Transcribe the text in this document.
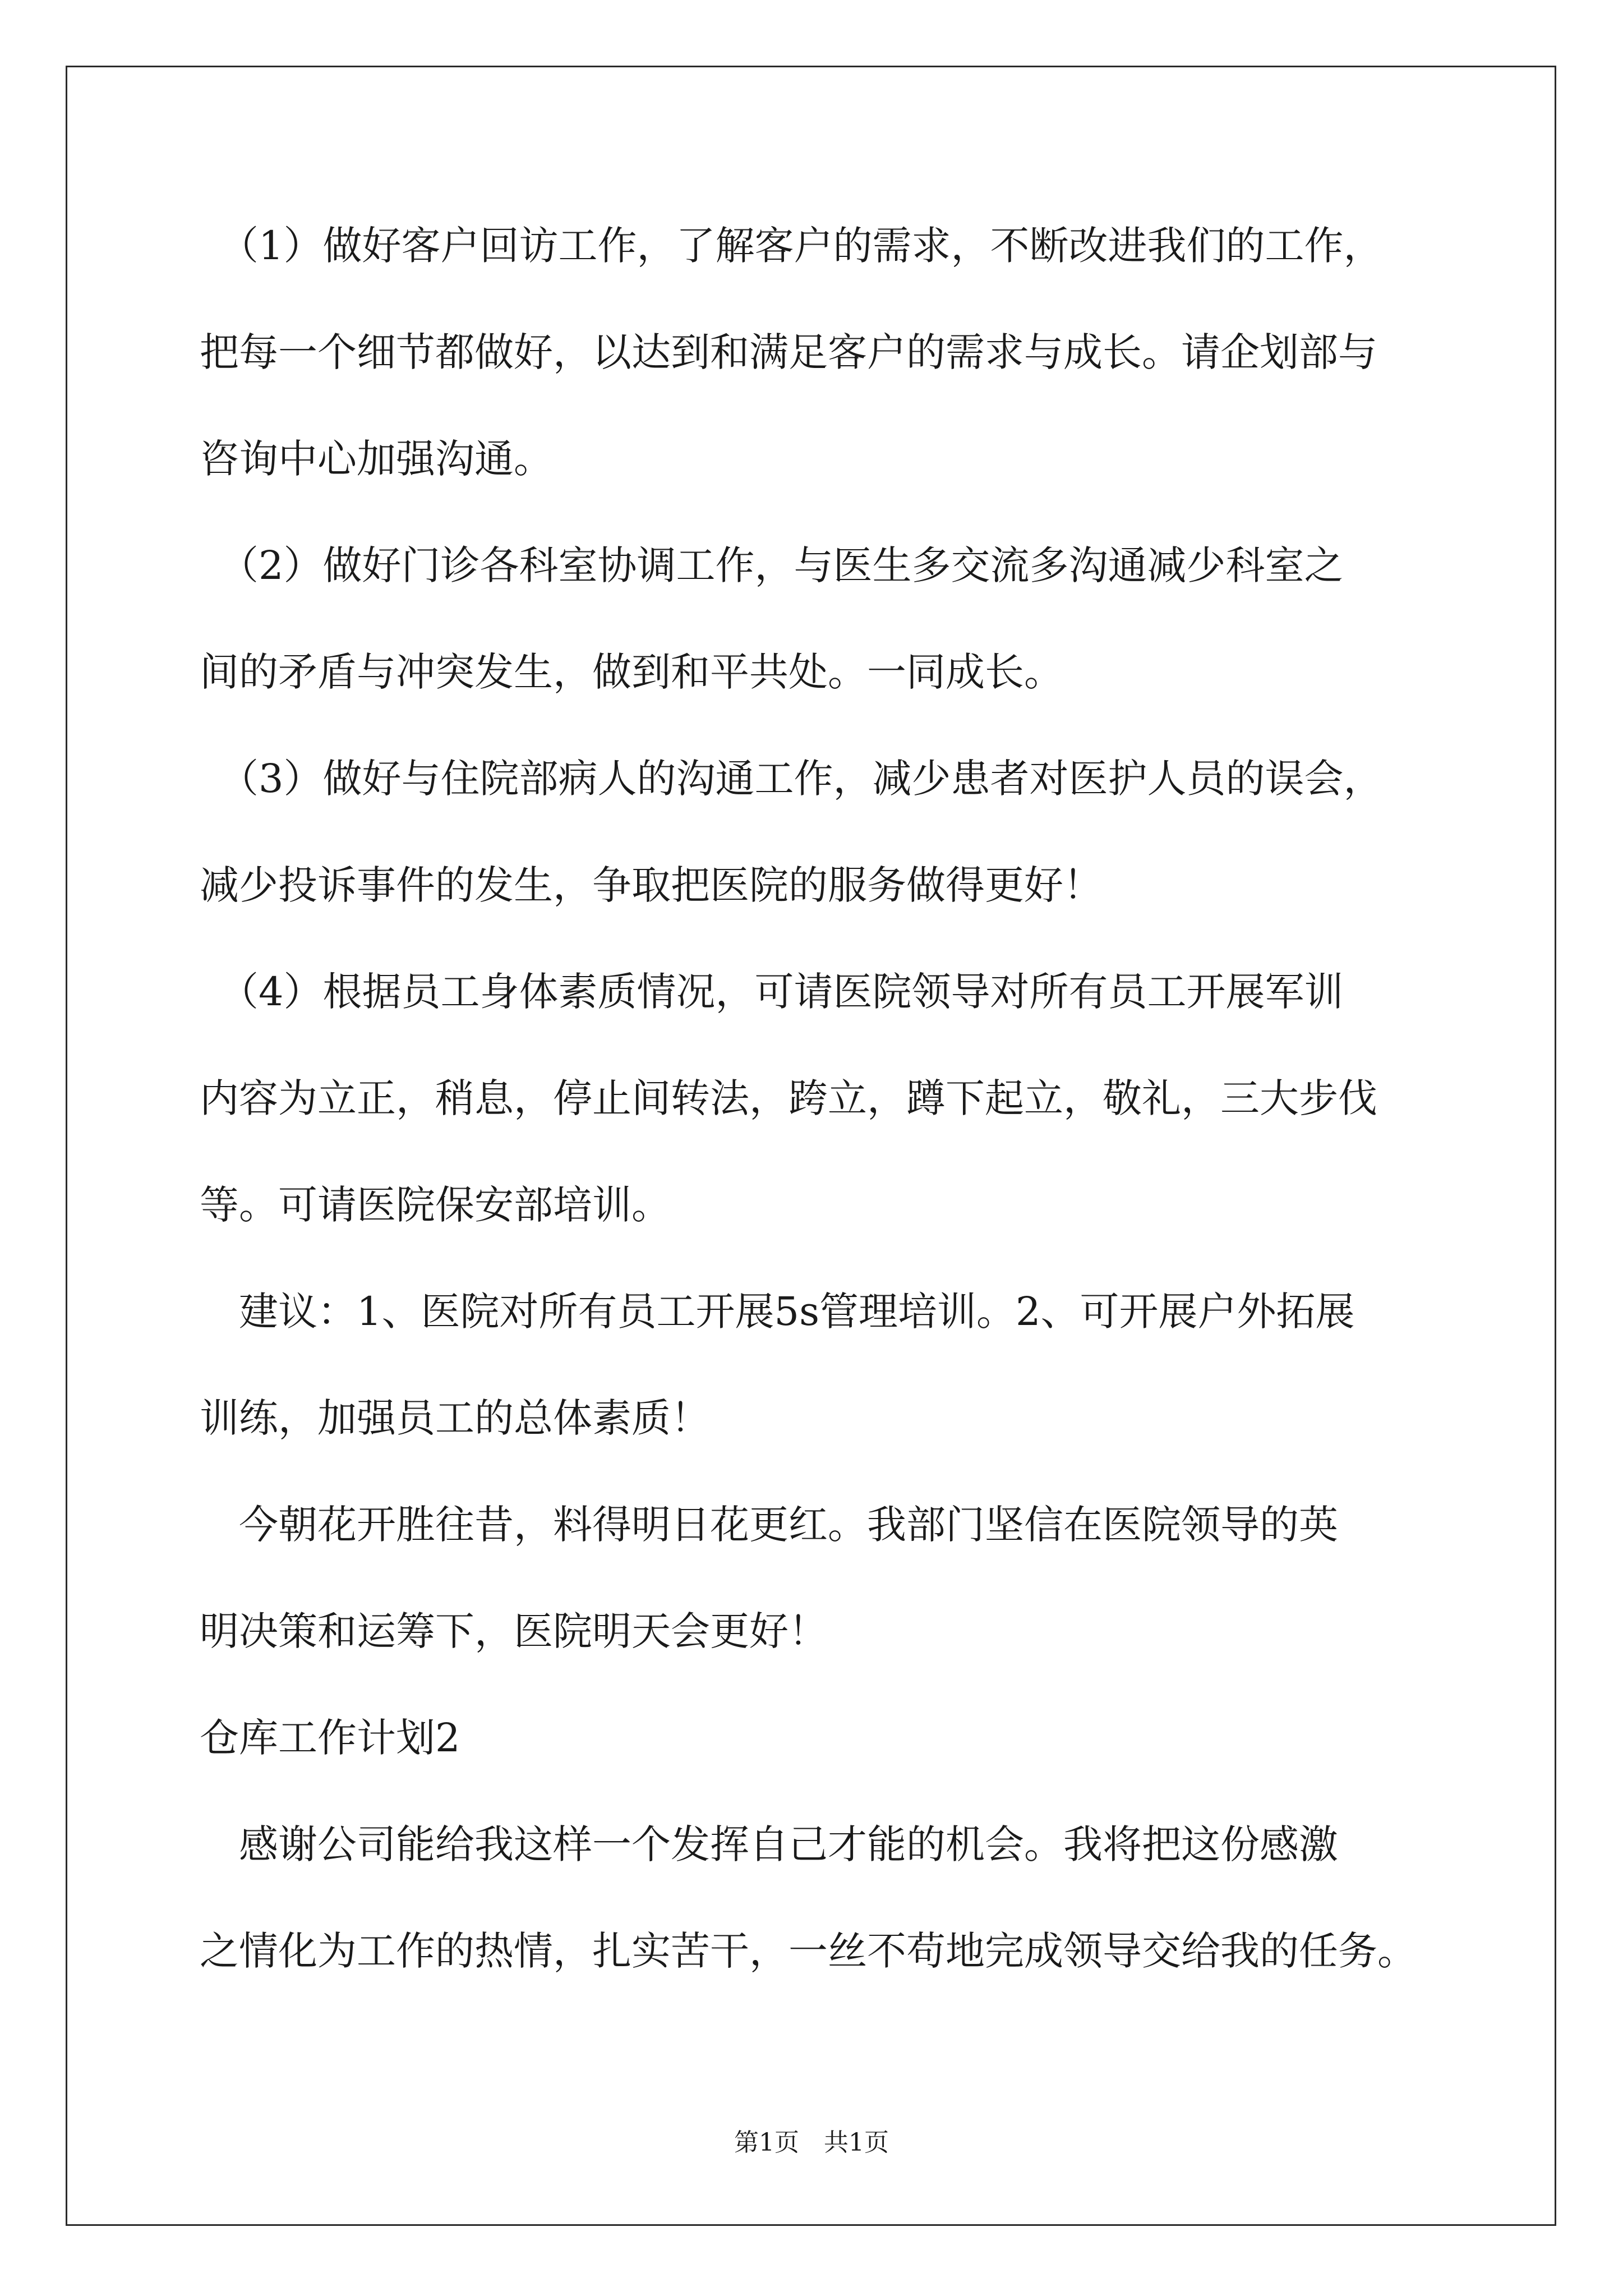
　（1）做好客户回访工作，了解客户的需求，不断改进我们的工作，
把每一个细节都做好，以达到和满足客户的需求与成长。请企划部与
咨询中心加强沟通。
　（2）做好门诊各科室协调工作，与医生多交流多沟通减少科室之
间的矛盾与冲突发生，做到和平共处。一同成长。
　（3）做好与住院部病人的沟通工作，减少患者对医护人员的误会，
减少投诉事件的发生，争取把医院的服务做得更好！
　（4）根据员工身体素质情况，可请医院领导对所有员工开展军训
内容为立正，稍息，停止间转法，跨立，蹲下起立，敬礼，三大步伐
等。可请医院保安部培训。
　建议：1、医院对所有员工开展5s管理培训。2、可开展户外拓展
训练，加强员工的总体素质！
　今朝花开胜往昔，料得明日花更红。我部门坚信在医院领导的英
明决策和运筹下，医院明天会更好！
仓库工作计划2
　感谢公司能给我这样一个发挥自己才能的机会。我将把这份感激
之情化为工作的热情，扎实苦干，一丝不苟地完成领导交给我的任务。
第1页　共1页
